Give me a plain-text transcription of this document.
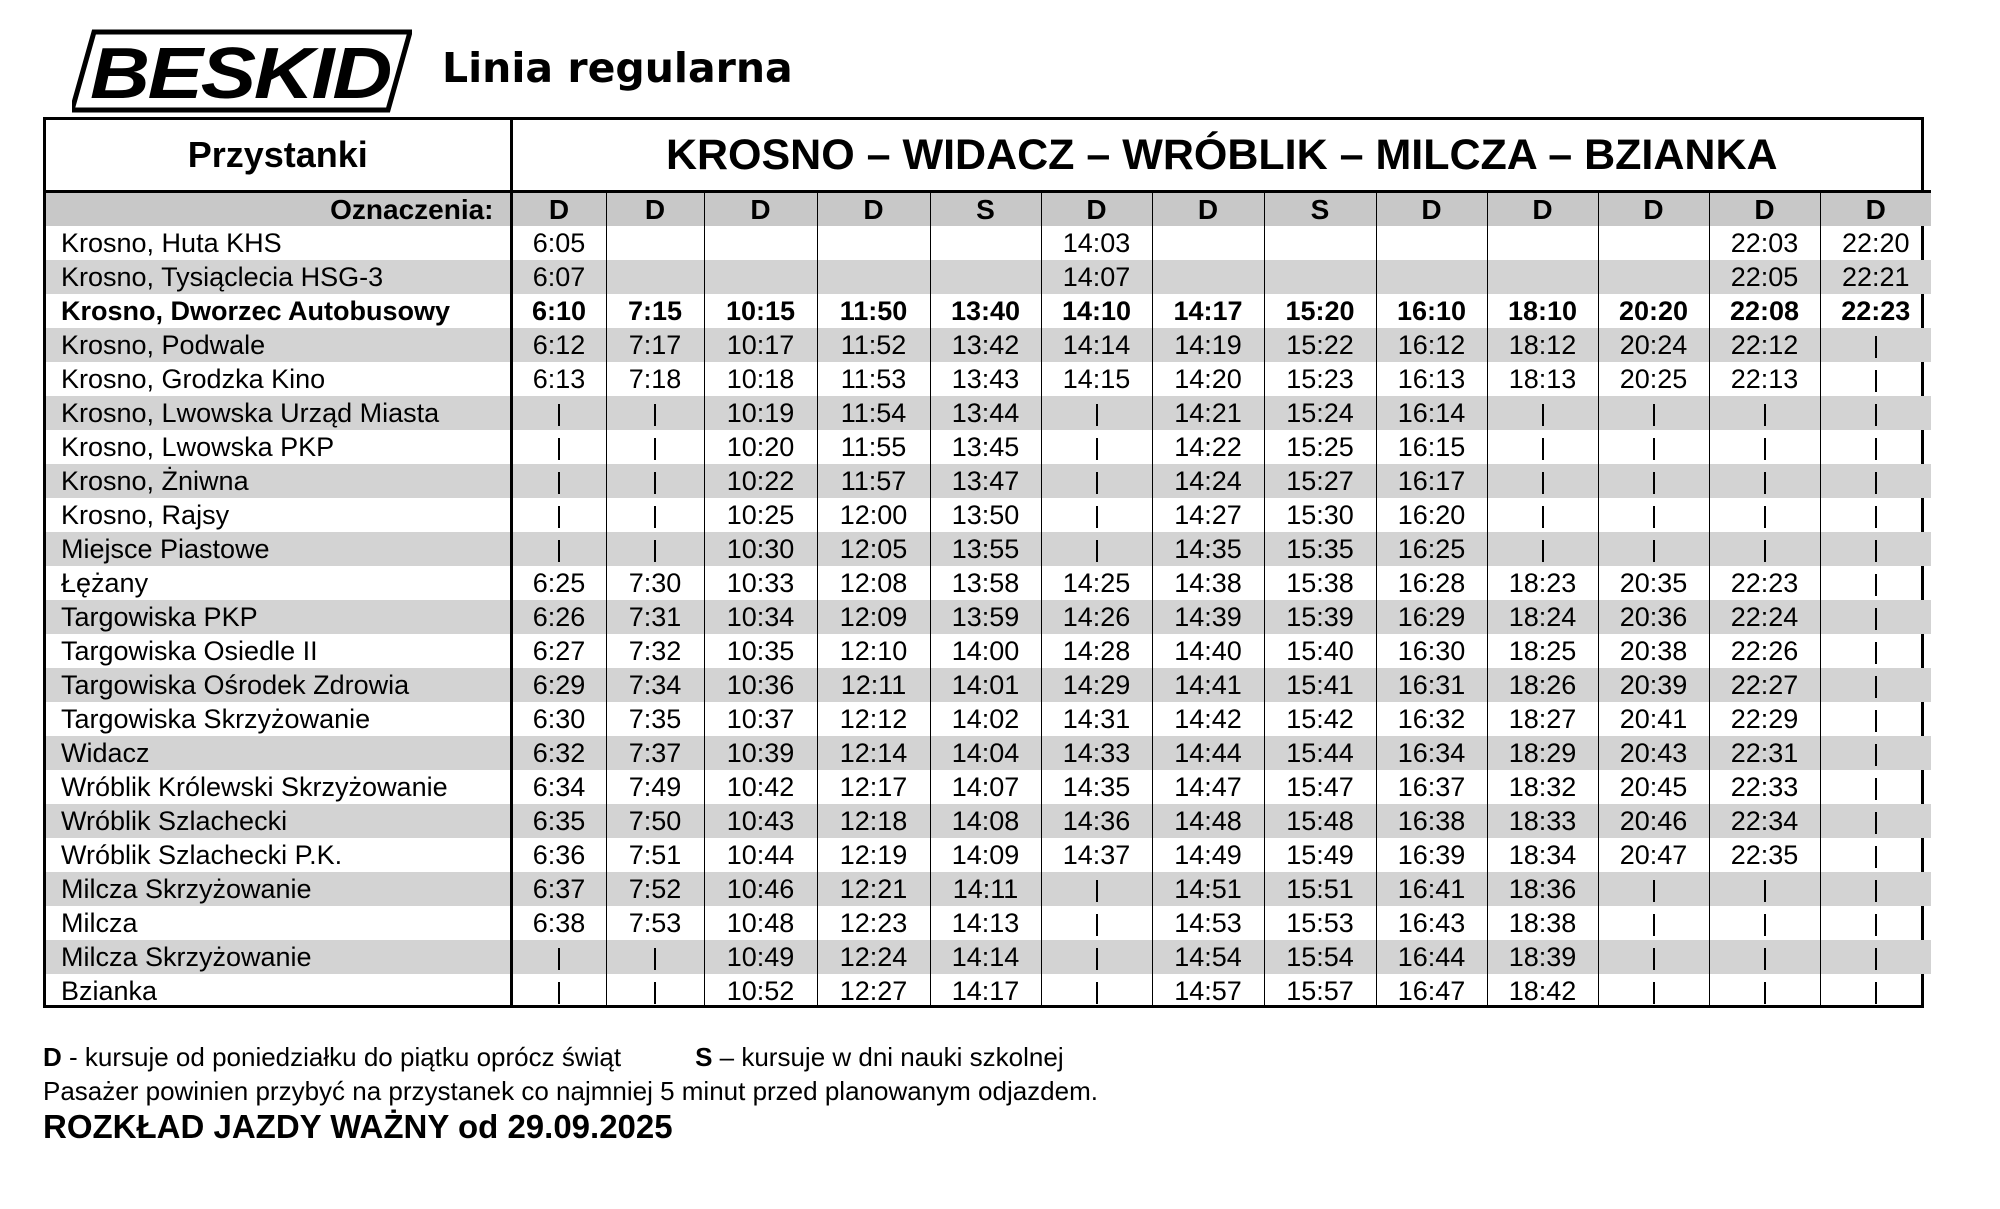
BESKID Linia regularna
Przystanki	KROSNO – WIDACZ – WRÓBLIK – MILCZA – BZIANKA												
Oznaczenia:	D	D	D	D	S	D	D	S	D	D	D	D	D
Krosno, Huta KHS	6:05					14:03						22:03	22:20
Krosno, Tysiąclecia HSG-3	6:07					14:07						22:05	22:21
Krosno, Dworzec Autobusowy	6:10	7:15	10:15	11:50	13:40	14:10	14:17	15:20	16:10	18:10	20:20	22:08	22:23
Krosno, Podwale	6:12	7:17	10:17	11:52	13:42	14:14	14:19	15:22	16:12	18:12	20:24	22:12	
Krosno, Grodzka Kino	6:13	7:18	10:18	11:53	13:43	14:15	14:20	15:23	16:13	18:13	20:25	22:13	
Krosno, Lwowska Urząd Miasta			10:19	11:54	13:44		14:21	15:24	16:14				
Krosno, Lwowska PKP			10:20	11:55	13:45		14:22	15:25	16:15				
Krosno, Żniwna			10:22	11:57	13:47		14:24	15:27	16:17				
Krosno, Rajsy			10:25	12:00	13:50		14:27	15:30	16:20				
Miejsce Piastowe			10:30	12:05	13:55		14:35	15:35	16:25				
Łężany	6:25	7:30	10:33	12:08	13:58	14:25	14:38	15:38	16:28	18:23	20:35	22:23	
Targowiska PKP	6:26	7:31	10:34	12:09	13:59	14:26	14:39	15:39	16:29	18:24	20:36	22:24	
Targowiska Osiedle II	6:27	7:32	10:35	12:10	14:00	14:28	14:40	15:40	16:30	18:25	20:38	22:26	
Targowiska Ośrodek Zdrowia	6:29	7:34	10:36	12:11	14:01	14:29	14:41	15:41	16:31	18:26	20:39	22:27	
Targowiska Skrzyżowanie	6:30	7:35	10:37	12:12	14:02	14:31	14:42	15:42	16:32	18:27	20:41	22:29	
Widacz	6:32	7:37	10:39	12:14	14:04	14:33	14:44	15:44	16:34	18:29	20:43	22:31	
Wróblik Królewski Skrzyżowanie	6:34	7:49	10:42	12:17	14:07	14:35	14:47	15:47	16:37	18:32	20:45	22:33	
Wróblik Szlachecki	6:35	7:50	10:43	12:18	14:08	14:36	14:48	15:48	16:38	18:33	20:46	22:34	
Wróblik Szlachecki P.K.	6:36	7:51	10:44	12:19	14:09	14:37	14:49	15:49	16:39	18:34	20:47	22:35	
Milcza Skrzyżowanie	6:37	7:52	10:46	12:21	14:11		14:51	15:51	16:41	18:36			
Milcza	6:38	7:53	10:48	12:23	14:13		14:53	15:53	16:43	18:38			
Milcza Skrzyżowanie			10:49	12:24	14:14		14:54	15:54	16:44	18:39			
Bzianka			10:52	12:27	14:17		14:57	15:57	16:47	18:42			
D - kursuje od poniedziałku do piątku oprócz świąt	S – kursuje w dni nauki szkolnej
Pasażer powinien przybyć na przystanek co najmniej 5 minut przed planowanym odjazdem.
ROZKŁAD JAZDY WAŻNY od 29.09.2025
